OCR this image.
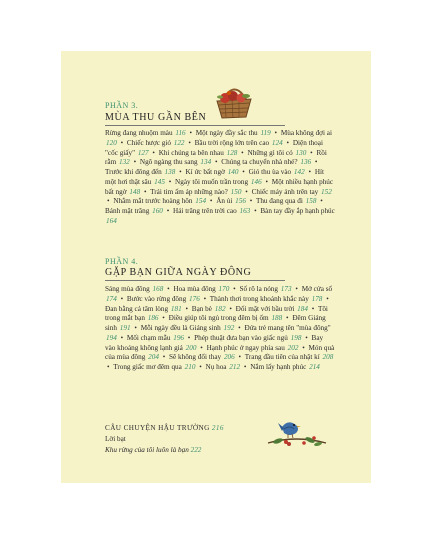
PHẦN 3.
MÙA THU GẦN BÊN
Rừng đang nhuộm màu 116 • Một ngày đầy sắc thu 119 • Mùa không đợi ai 120 • Chiếc hược gió 122 • Bầu trời rộng lớn trên cao 124 • Diện thoại "cốc giấy" 127 • Khi chúng ta bên nhau 128 • Những gì tôi có 130 • Rồi rằm 132 • Ngõ ngàng thu sang 134 • Chúng ta chuyển nhà nhé? 136 • Trước khi đông đến 138 • Kí ức bất ngờ 140 • Gió thu ùa vào 142 • Hít một hơi thật sâu 145 • Ngày tôi muốn trần trong 146 • Một nhiều hạnh phúc bất ngờ 148 • Trái tim ấm áp những nào? 150 • Chiếc máy ảnh trên tay 152 • Nhắm mắt trước hoàng hôn 154 • Ăn ủi 156 • Thu đang qua đi 158 • Bánh mặt trăng 160 • Hải trăng trên trời cao 163 • Bàn tay đầy ắp hạnh phúc 164
PHẦN 4.
GẶP BẠN GIỮA NGÀY ĐÔNG
Sáng mùa đông 168 • Hoa mùa đông 170 • Số rô la nóng 173 • Mở cửa sổ 174 • Bước vào rừng đông 176 • Thành thơi trong khoảnh khắc này 178 • Đan bằng cả tâm lòng 181 • Bạn bè 182 • Đối mặt với bầu trời 184 • Tôi trong mắt bạn 186 • Điều giúp tôi ngủ trong đêm bị ốm 188 • Đêm Giáng sinh 191 • Mỗi ngày đều là Giáng sinh 192 • Đứa trẻ mang tên "mùa đông" 194 • Mối chạm mẫu 196 • Phép thuật đưa bạn vào giấc ngủ 198 • Bay vào khoảng không lạnh giá 200 • Hạnh phúc ở ngay phía sau 202 • Món quà của mùa đông 204 • Sẽ không đổi thay 206 • Trang đầu tiên của nhật kí 208 • Trong giấc mơ đêm qua 210 • Nụ hoa 212 • Nắm lấy hạnh phúc 214
CÂU CHUYỆN HẬU TRƯỜNG 216
Lời bạt
Khu rừng của tôi luôn là bạn 222
